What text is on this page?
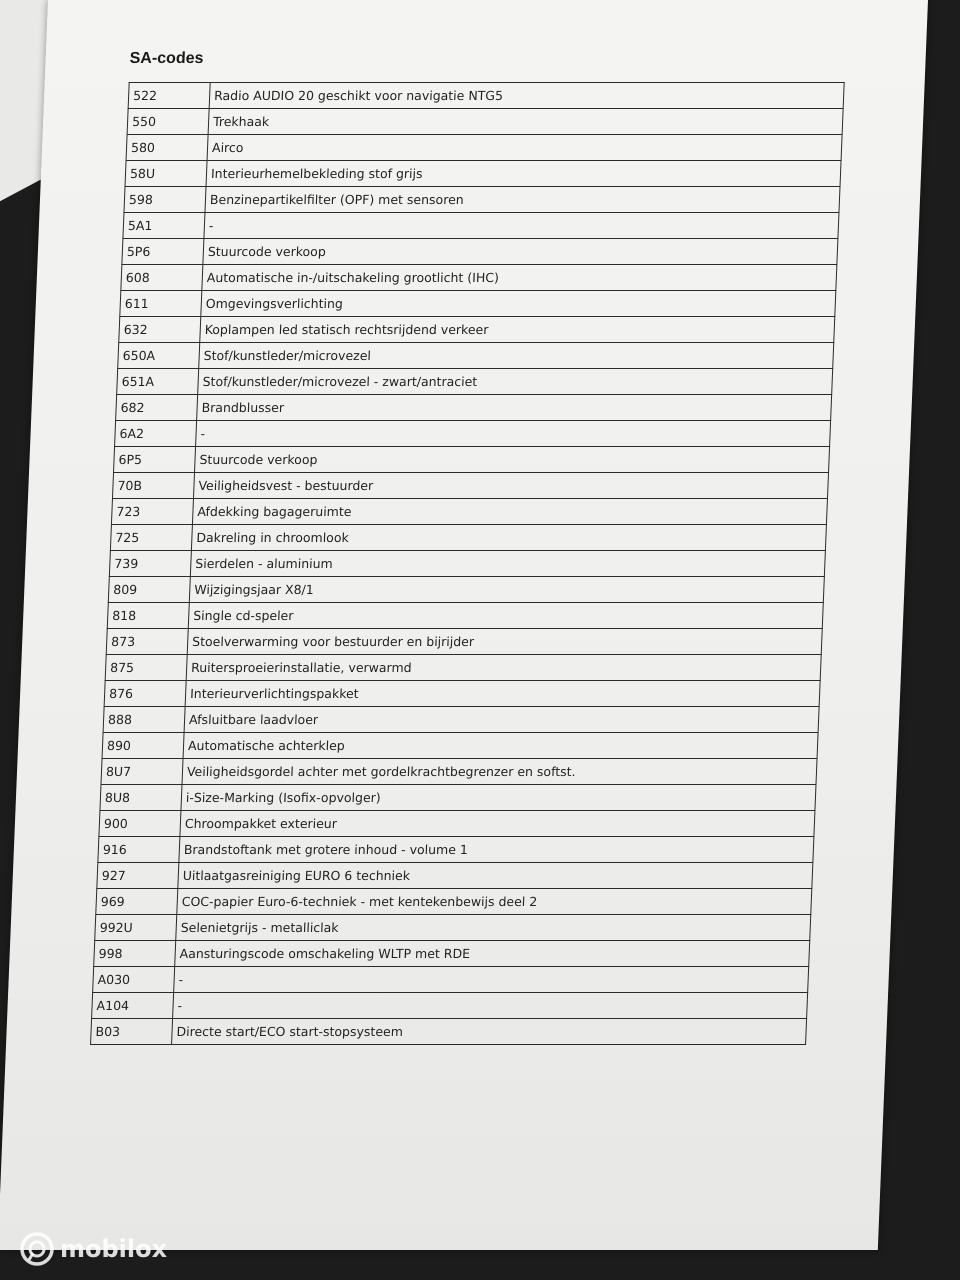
SA-codes
522	Radio AUDIO 20 geschikt voor navigatie NTG5
550	Trekhaak
580	Airco
58U	Interieurhemelbekleding stof grijs
598	Benzinepartikelfilter (OPF) met sensoren
5A1	-
5P6	Stuurcode verkoop
608	Automatische in-/uitschakeling grootlicht (IHC)
611	Omgevingsverlichting
632	Koplampen led statisch rechtsrijdend verkeer
650A	Stof/kunstleder/microvezel
651A	Stof/kunstleder/microvezel - zwart/antraciet
682	Brandblusser
6A2	-
6P5	Stuurcode verkoop
70B	Veiligheidsvest - bestuurder
723	Afdekking bagageruimte
725	Dakreling in chroomlook
739	Sierdelen - aluminium
809	Wijzigingsjaar X8/1
818	Single cd-speler
873	Stoelverwarming voor bestuurder en bijrijder
875	Ruitersproeierinstallatie, verwarmd
876	Interieurverlichtingspakket
888	Afsluitbare laadvloer
890	Automatische achterklep
8U7	Veiligheidsgordel achter met gordelkrachtbegrenzer en softst.
8U8	i-Size-Marking (Isofix-opvolger)
900	Chroompakket exterieur
916	Brandstoftank met grotere inhoud - volume 1
927	Uitlaatgasreiniging EURO 6 techniek
969	COC-papier Euro-6-techniek - met kentekenbewijs deel 2
992U	Selenietgrijs - metalliclak
998	Aansturingscode omschakeling WLTP met RDE
A030	-
A104	-
B03	Directe start/ECO start-stopsysteem
mobilox
